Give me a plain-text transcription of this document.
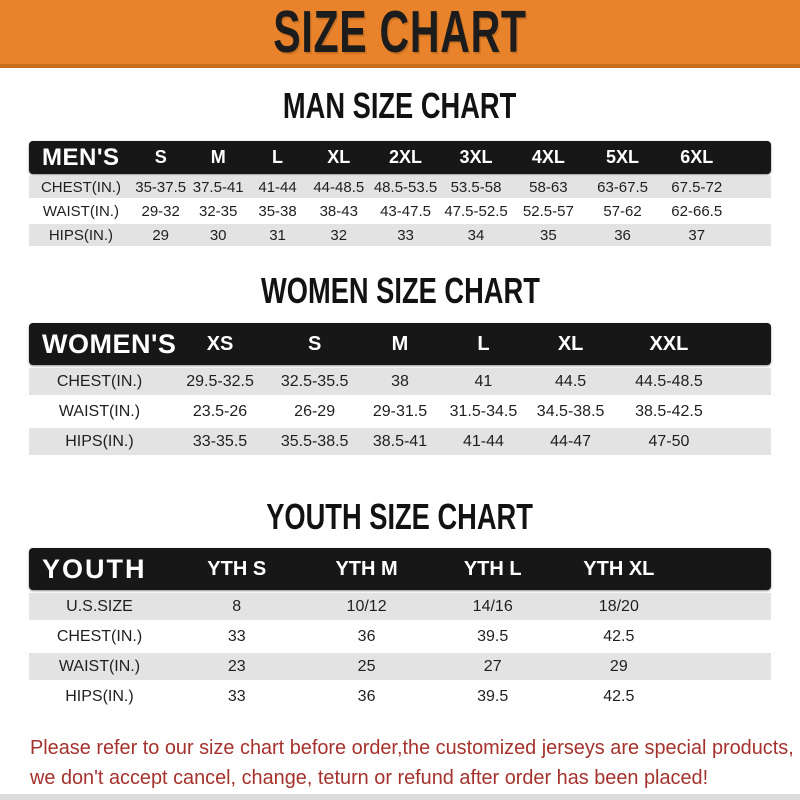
SIZE CHART
MAN SIZE CHART
MEN'S	S	M	L	XL	2XL	3XL	4XL	5XL	6XL
CHEST(IN.) 35-37.5 37.5-41 41-44	44-48.5 48.5-53.5 53.5-58	58-63	63-67.5	67.5-72
WAIST(IN.)	29-32	32-35	35-38	38-43	43-47.5 47.5-52.5	52.5-57	57-62	62-66.5
HIPS(IN.)	29	30	31	32	33	34	35	36	37
WOMEN SIZE CHART
WOMEN'S	XS	S	M	L	XL	XXL
CHEST(IN.)	29.5-32.5	32.5-35.5	38	41	44.5	44.5-48.5
WAIST(IN.)	23.5-26	26-29	29-31.5	31.5-34.5	34.5-38.5	38.5-42.5
HIPS(IN.)	33-35.5	35.5-38.5	38.5-41	41-44	44-47	47-50
YOUTH SIZE CHART
YOUTH	YTH S	YTH M	YTH L	YTH XL
U.S.SIZE	8	10/12	14/16	18/20
CHEST(IN.)	33	36	39.5	42.5
WAIST(IN.)	23	25	27	29
HIPS(IN.)	33	36	39.5	42.5
Please refer to our size chart before order,the customized jerseys are special products,
we don't accept cancel, change, teturn or refund after order has been placed!
